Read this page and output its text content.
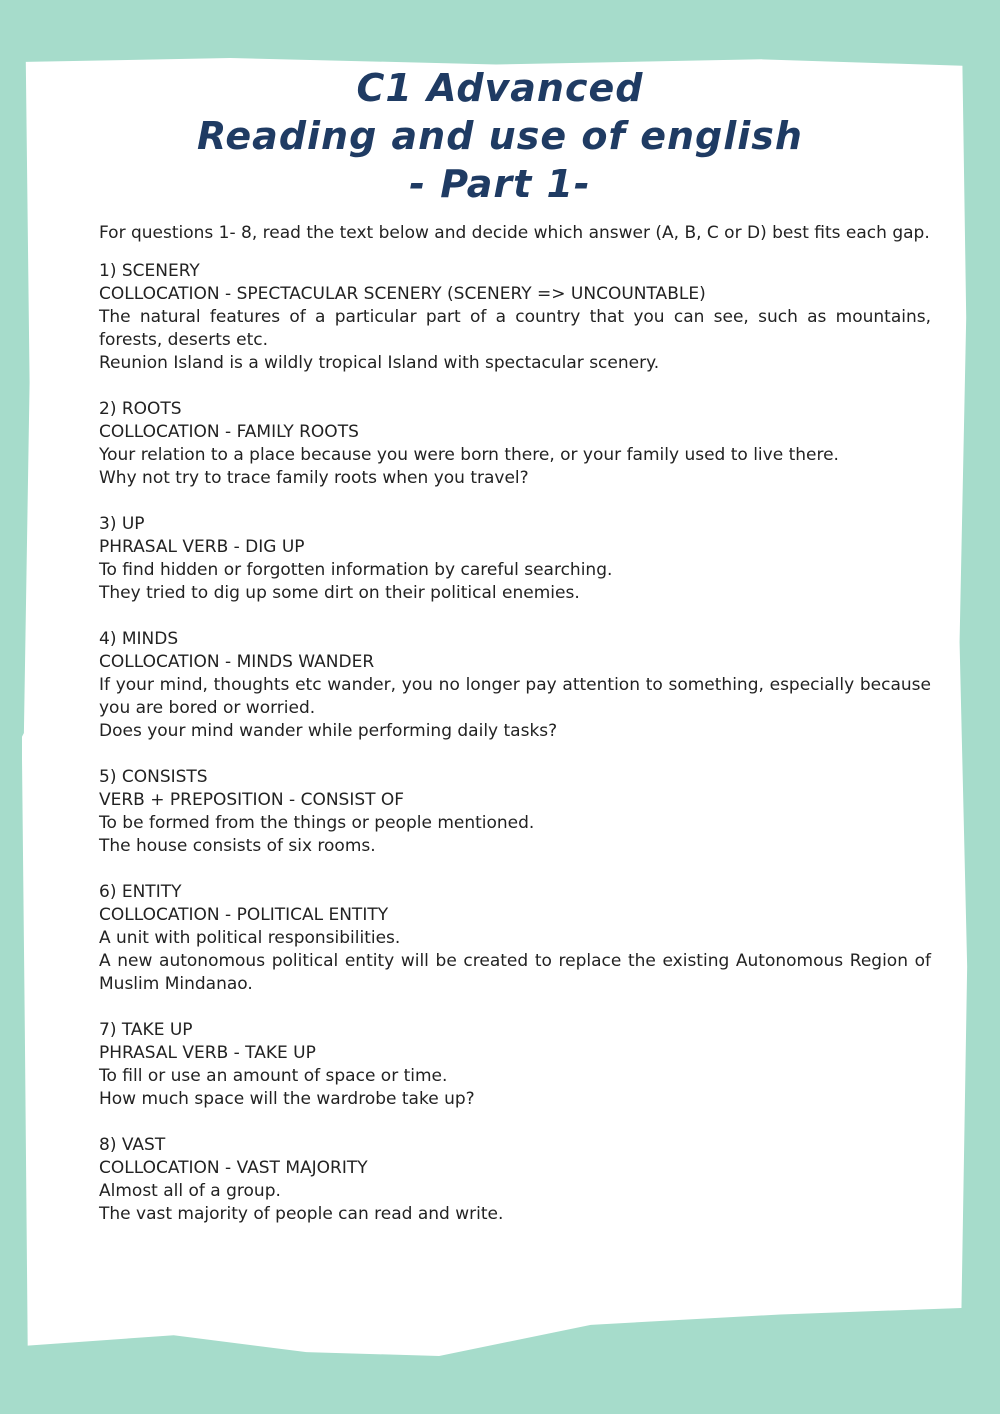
C1 Advanced
Reading and use of english
- Part 1-

For questions 1- 8, read the text below and decide which answer (A, B, C or D) best fits each gap.

1) SCENERY

COLLOCATION - SPECTACULAR SCENERY (SCENERY => UNCOUNTABLE)

The natural features of a particular part of a country that you can see, such as mountains, forests, deserts etc.

Reunion Island is a wildly tropical Island with spectacular scenery.

2) ROOTS

COLLOCATION - FAMILY ROOTS

Your relation to a place because you were born there, or your family used to live there.

Why not try to trace family roots when you travel?

3) UP

PHRASAL VERB - DIG UP

To find hidden or forgotten information by careful searching.

They tried to dig up some dirt on their political enemies.

4) MINDS

COLLOCATION - MINDS WANDER

If your mind, thoughts etc wander, you no longer pay attention to something, especially because you are bored or worried.

Does your mind wander while performing daily tasks?

5) CONSISTS

VERB + PREPOSITION - CONSIST OF

To be formed from the things or people mentioned.

The house consists of six rooms.

6) ENTITY

COLLOCATION - POLITICAL ENTITY

A unit with political responsibilities.

A new autonomous political entity will be created to replace the existing Autonomous Region of Muslim Mindanao.

7) TAKE UP

PHRASAL VERB - TAKE UP

To fill or use an amount of space or time.

How much space will the wardrobe take up?

8) VAST

COLLOCATION - VAST MAJORITY

Almost all of a group.

The vast majority of people can read and write.
